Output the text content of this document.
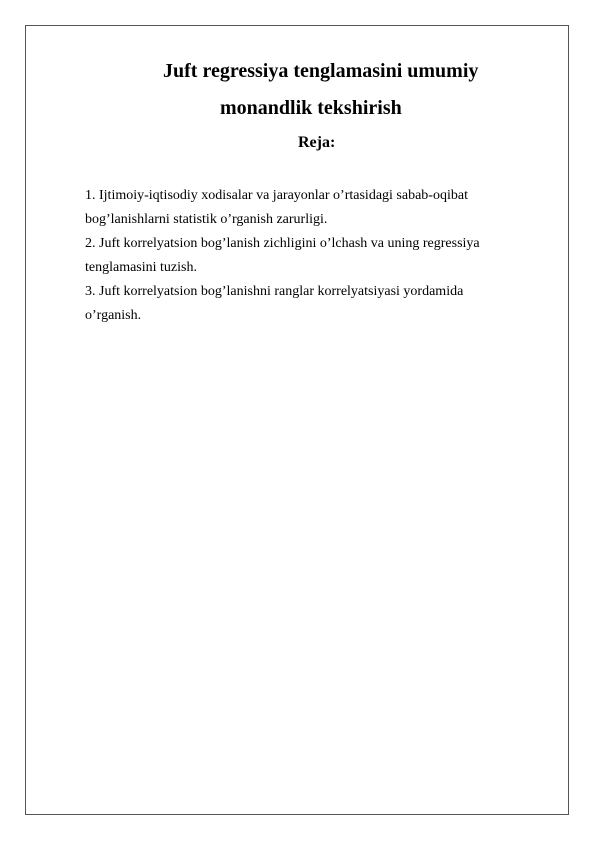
Juft regressiya tenglamasini umumiy
monandlik tekshirish
Reja:
1. Ijtimoiy-iqtisodiy xodisalar va jarayonlar o’rtasidagi sabab-oqibat
bog’lanishlarni statistik o’rganish zarurligi.
2. Juft korrelyatsion bog’lanish zichligini o’lchash va uning regressiya
tenglamasini tuzish.
3. Juft korrelyatsion bog’lanishni ranglar korrelyatsiyasi yordamida
o’rganish.
